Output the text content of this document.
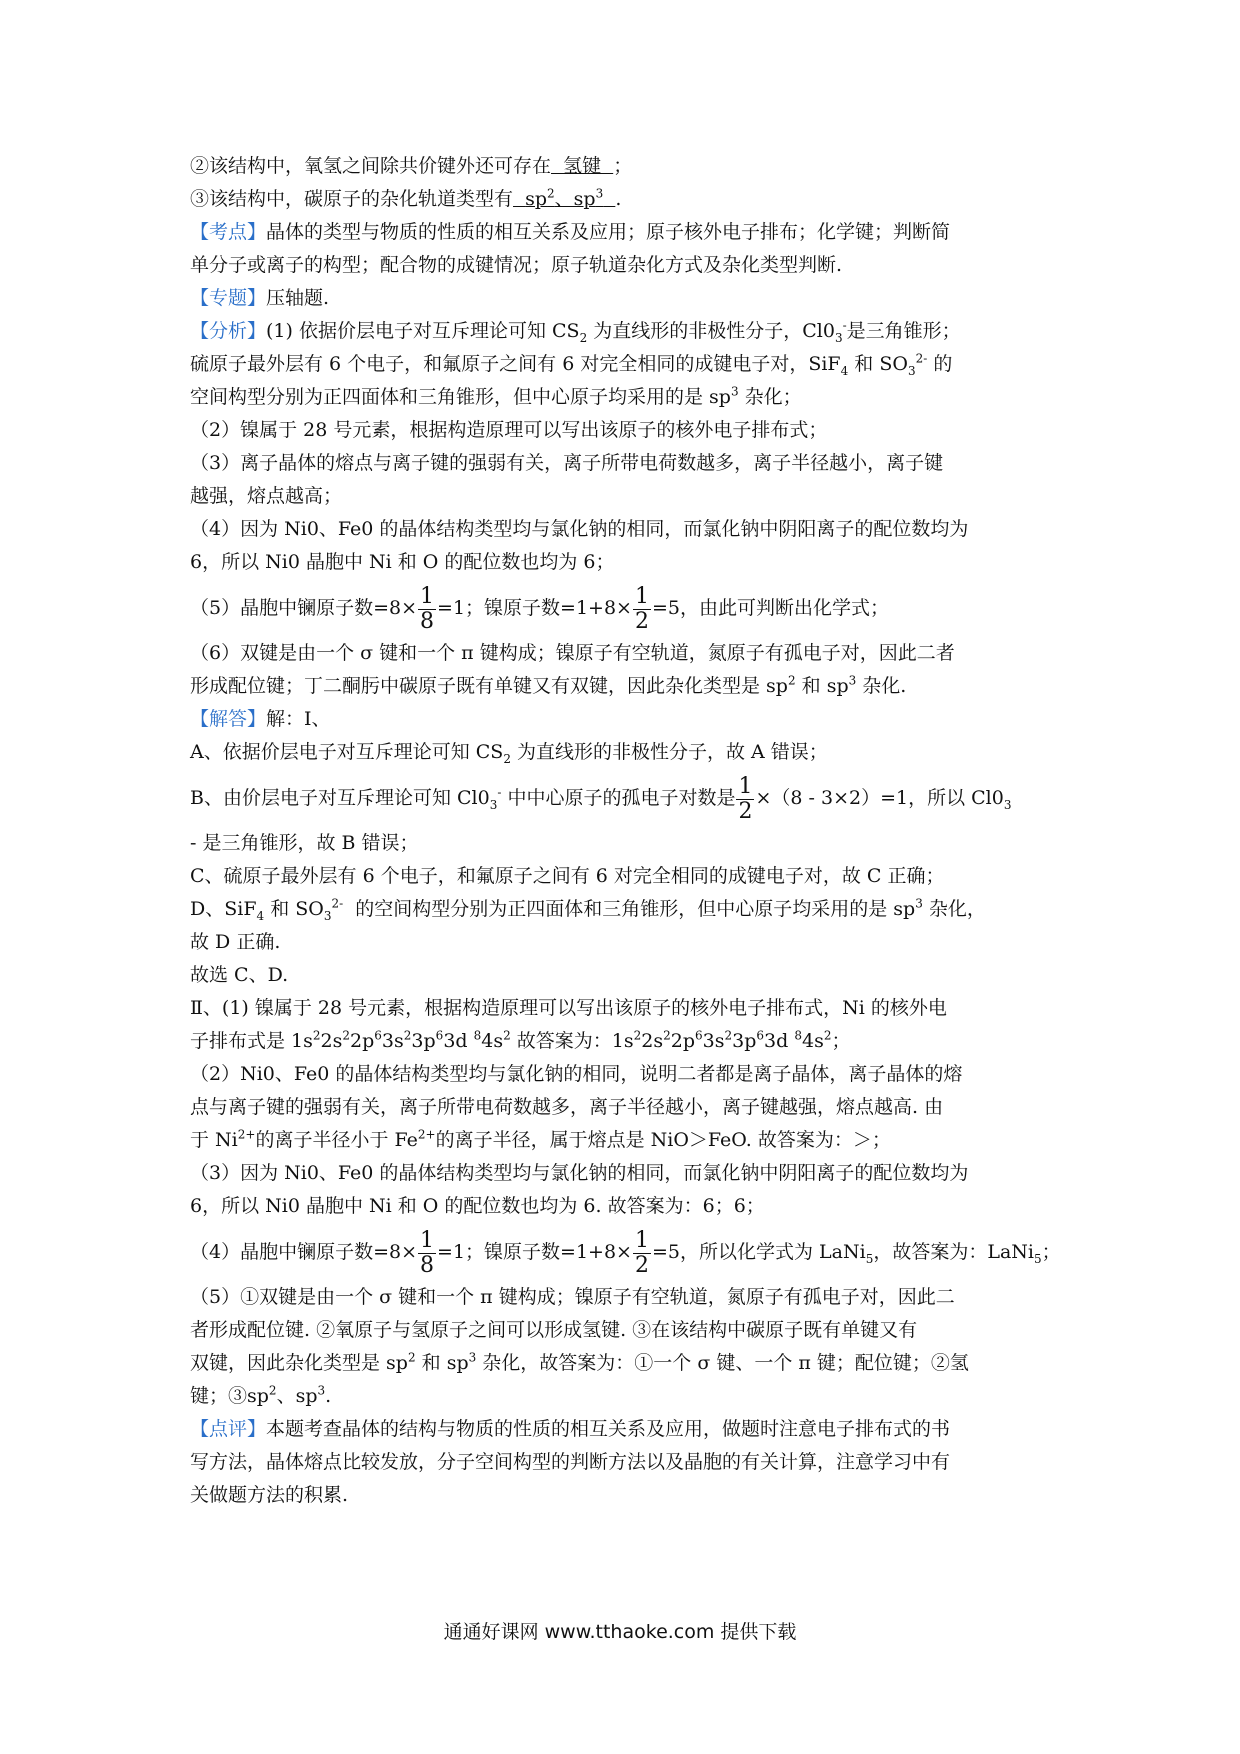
②该结构中，氧氢之间除共价键外还可存在  氢键  ；
③该结构中，碳原子的杂化轨道类型有 $sp^2$、$sp^3$ .
【考点】晶体的类型与物质的性质的相互关系及应用；原子核外电子排布；化学键；判断简
单分子或离子的构型；配合物的成键情况；原子轨道杂化方式及杂化类型判断.
【专题】压轴题.
【分析】(1) 依据价层电子对互斥理论可知 $CS_2$ 为直线形的非极性分子，$Cl0_3^-$是三角锥形；
硫原子最外层有 6 个电子，和氟原子之间有 6 对完全相同的成键电子对，SiF$_4$ 和 $SO_3^{2-}$ 的
空间构型分别为正四面体和三角锥形，但中心原子均采用的是 $sp^3$ 杂化；
（2）镍属于 28 号元素，根据构造原理可以写出该原子的核外电子排布式；
（3）离子晶体的熔点与离子键的强弱有关，离子所带电荷数越多，离子半径越小，离子键
越强，熔点越高；
（4）因为 Ni0、Fe0 的晶体结构类型均与氯化钠的相同，而氯化钠中阴阳离子的配位数均为
6，所以 Ni0 晶胞中 Ni 和 O 的配位数也均为 6；
（5）晶胞中镧原子数$=8\times \frac{1}{8} =1$；镍原子数$=1+8\times \frac{1}{2} =5$，由此可判断出化学式；
（6）双键是由一个 σ 键和一个 π 键构成；镍原子有空轨道，氮原子有孤电子对，因此二者
形成配位键；丁二酮肟中碳原子既有单键又有双键，因此杂化类型是 $sp^2$ 和 $sp^3$ 杂化.
【解答】解：Ⅰ、
A、依据价层电子对互斥理论可知 $CS_2$ 为直线形的非极性分子，故 A 错误；
B、由价层电子对互斥理论可知 $Cl0_3^-$ 中中心原子的孤电子对数是 $\frac{1}{2} \times(8 - 3\times 2)=1$，所以 $Cl0_3$
- 是三角锥形，故 B 错误；
C、硫原子最外层有 6 个电子，和氟原子之间有 6 对完全相同的成键电子对，故 C 正确；
D、SiF$_4$ 和 $SO_3^{2-}$  的空间构型分别为正四面体和三角锥形，但中心原子均采用的是 $sp^3$ 杂化，
故 D 正确.
故选 C、D.
Ⅱ、(1) 镍属于 28 号元素，根据构造原理可以写出该原子的核外电子排布式，Ni 的核外电
子排布式是 $1s^22s^22p^63s^23p^63d$ $^84s^2$ 故答案为：$1s^22s^22p^63s^23p^63d$ $^84s^2$；
（2）Ni0、Fe0 的晶体结构类型均与氯化钠的相同，说明二者都是离子晶体，离子晶体的熔
点与离子键的强弱有关，离子所带电荷数越多，离子半径越小，离子键越强，熔点越高. 由
于 $Ni^{2+}$的离子半径小于 $Fe^{2+}$的离子半径，属于熔点是 NiO＞FeO. 故答案为：＞；
（3）因为 Ni0、Fe0 的晶体结构类型均与氯化钠的相同，而氯化钠中阴阳离子的配位数均为
6，所以 Ni0 晶胞中 Ni 和 O 的配位数也均为 6. 故答案为：6；6；
（4）晶胞中镧原子数$=8\times \frac{1}{8} =1$；镍原子数$=1+8\times \frac{1}{2} =5$，所以化学式为 LaNi$_5$，故答案为：LaNi$_5$；
（5）①双键是由一个 σ 键和一个 π 键构成；镍原子有空轨道，氮原子有孤电子对，因此二
者形成配位键. ②氧原子与氢原子之间可以形成氢键. ③在该结构中碳原子既有单键又有
双键，因此杂化类型是 $sp^2$ 和 $sp^3$ 杂化，故答案为：①一个 σ 键、一个 π 键；配位键；②氢
键；$③sp^2$、$sp^3$.
【点评】本题考查晶体的结构与物质的性质的相互关系及应用，做题时注意电子排布式的书
写方法，晶体熔点比较发放，分子空间构型的判断方法以及晶胞的有关计算，注意学习中有
关做题方法的积累.
通通好课网 www.tthaoke.com 提供下载
